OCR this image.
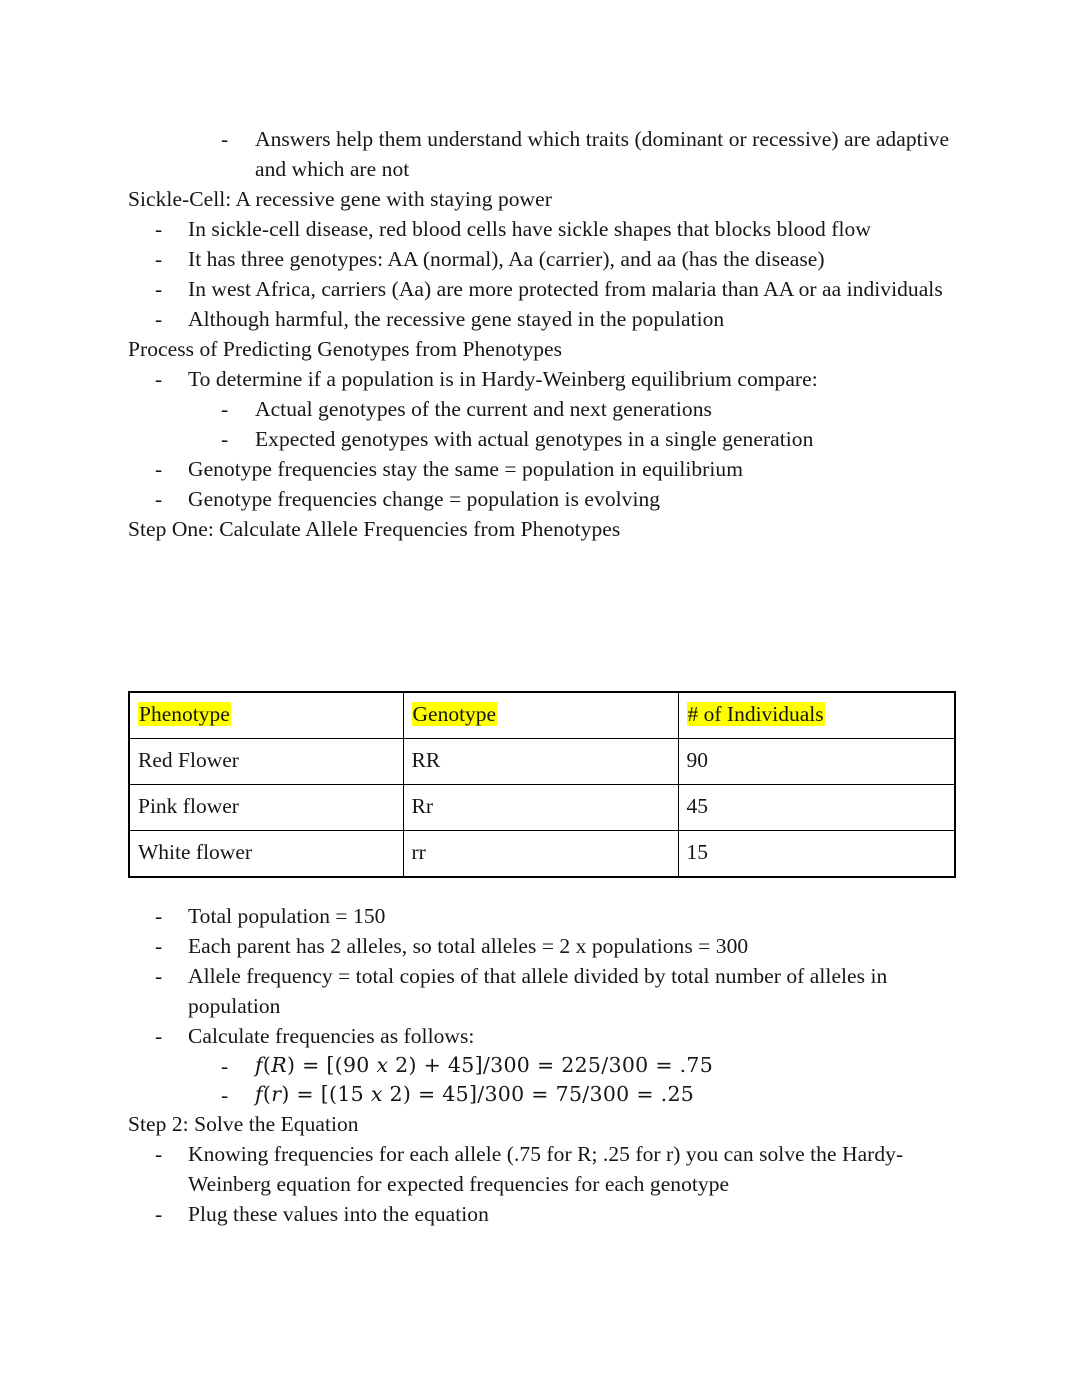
- Answers help them understand which traits (dominant or recessive) are adaptive and which are not
Sickle-Cell: A recessive gene with staying power
- In sickle-cell disease, red blood cells have sickle shapes that blocks blood flow
- It has three genotypes: AA (normal), Aa (carrier), and aa (has the disease)
- In west Africa, carriers (Aa) are more protected from malaria than AA or aa individuals
- Although harmful, the recessive gene stayed in the population
Process of Predicting Genotypes from Phenotypes
- To determine if a population is in Hardy-Weinberg equilibrium compare:
- Actual genotypes of the current and next generations
- Expected genotypes with actual genotypes in a single generation
- Genotype frequencies stay the same = population in equilibrium
- Genotype frequencies change = population is evolving
Step One: Calculate Allele Frequencies from Phenotypes
Phenotype	Genotype	# of Individuals
Red Flower	RR	90
Pink flower	Rr	45
White flower	rr	15
- Total population = 150
- Each parent has 2 alleles, so total alleles = 2 x populations = 300
- Allele frequency = total copies of that allele divided by total number of alleles in population
- Calculate frequencies as follows:
- f(R) = [(90 x 2) + 45]/300 = 225/300 = .75
- f(r) = [(15 x 2) = 45]/300 = 75/300 = .25
Step 2: Solve the Equation
- Knowing frequencies for each allele (.75 for R; .25 for r) you can solve the Hardy-Weinberg equation for expected frequencies for each genotype
- Plug these values into the equation
